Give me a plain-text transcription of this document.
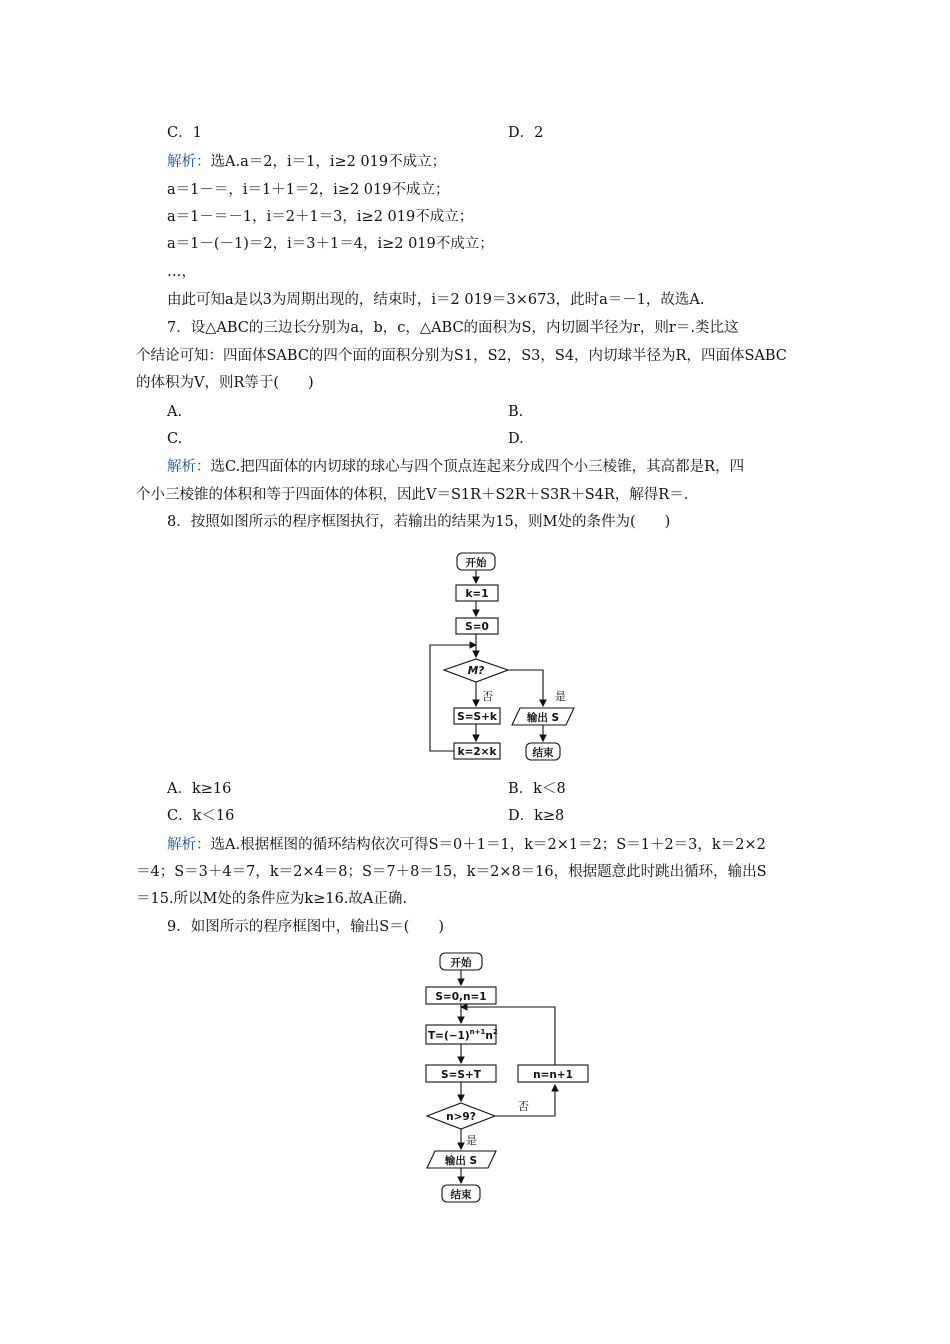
C．1	D．2
解析：选A.a＝2，i＝1，i≥2 019不成立；
a＝1－＝，i＝1＋1＝2，i≥2 019不成立；
a＝1－＝－1，i＝2＋1＝3，i≥2 019不成立；
a＝1－(－1)＝2，i＝3＋1＝4，i≥2 019不成立；
…，
由此可知a是以3为周期出现的，结束时，i＝2 019＝3×673，此时a＝－1，故选A.
7．设△ABC的三边长分别为a，b，c，△ABC的面积为S，内切圆半径为r，则r＝.类比这
个结论可知：四面体SABC的四个面的面积分别为S1，S2，S3，S4，内切球半径为R，四面体SABC
的体积为V，则R等于(　　)
A.	B.
C.	D.
解析：选C.把四面体的内切球的球心与四个顶点连起来分成四个小三棱锥，其高都是R，四
个小三棱锥的体积和等于四面体的体积，因此V＝S1R＋S2R＋S3R＋S4R，解得R＝.
8．按照如图所示的程序框图执行，若输出的结果为15，则M处的条件为(　　)
开始
k=1
S=0
M?
是
输出 S
结束
否
S=S+k
k=2×k
A．k≥16	B．k＜8
C．k＜16	D．k≥8
解析：选A.根据框图的循环结构依次可得S＝0＋1＝1，k＝2×1＝2；S＝1＋2＝3，k＝2×2
＝4；S＝3＋4＝7，k＝2×4＝8；S＝7＋8＝15，k＝2×8＝16，根据题意此时跳出循环，输出S
＝15.所以M处的条件应为k≥16.故A正确.
9．如图所示的程序框图中，输出S＝(　　)
开始
S=0,n=1
$T=(-1)^{n+1}n^2$
S=S+T
n>9?
否
n=n+1
是
输出 S
结束
